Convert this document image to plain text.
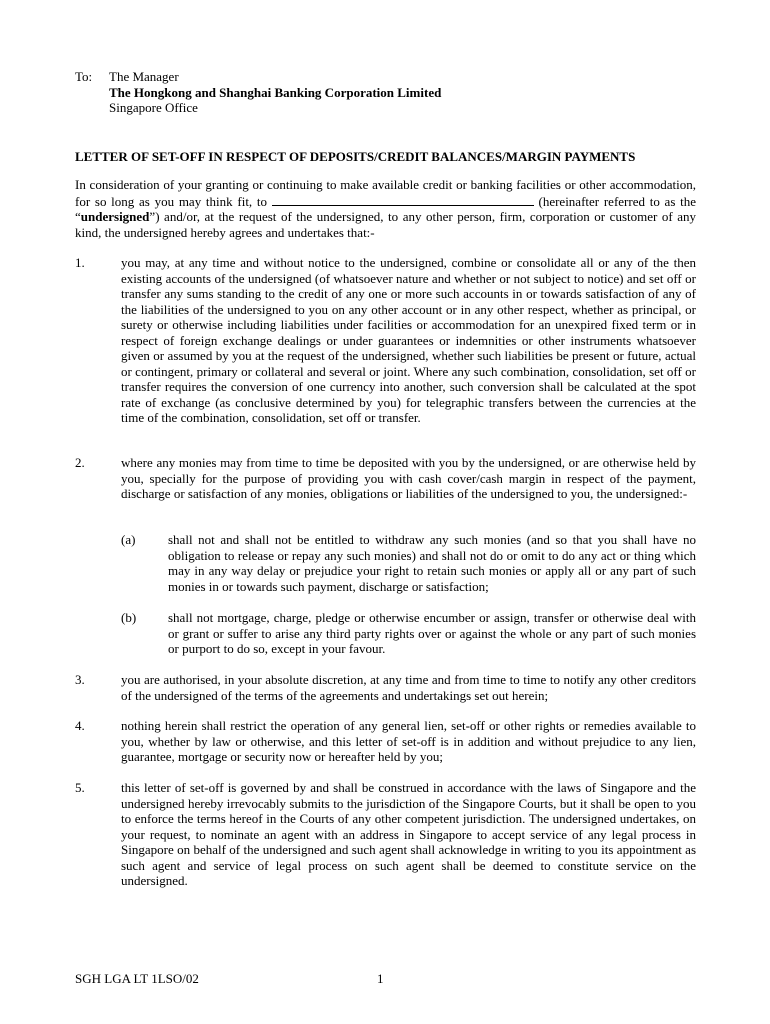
To: The Manager
The Hongkong and Shanghai Banking Corporation Limited
Singapore Office
LETTER OF SET-OFF IN RESPECT OF DEPOSITS/CREDIT BALANCES/MARGIN PAYMENTS
In consideration of your granting or continuing to make available credit or banking facilities or other accommodation, for so long as you may think fit, to	(hereinafter referred to as the “undersigned”) and/or, at the request of the undersigned, to any other person, firm, corporation or customer of any kind, the undersigned hereby agrees and undertakes that:-
1.	you may, at any time and without notice to the undersigned, combine or consolidate all or any of the then existing accounts of the undersigned (of whatsoever nature and whether or not subject to notice) and set off or transfer any sums standing to the credit of any one or more such accounts in or towards satisfaction of any of the liabilities of the undersigned to you on any other account or in any other respect, whether as principal, or surety or otherwise including liabilities under facilities or accommodation for an unexpired fixed term or in respect of foreign exchange dealings or under guarantees or indemnities or other instruments whatsoever given or assumed by you at the request of the undersigned, whether such liabilities be present or future, actual or contingent, primary or collateral and several or joint. Where any such combination, consolidation, set off or transfer requires the conversion of one currency into another, such conversion shall be calculated at the spot rate of exchange (as conclusive determined by you) for telegraphic transfers between the currencies at the time of the combination, consolidation, set off or transfer.
2.	where any monies may from time to time be deposited with you by the undersigned, or are otherwise held by you, specially for the purpose of providing you with cash cover/cash margin in respect of the payment, discharge or satisfaction of any monies, obligations or liabilities of the undersigned to you, the undersigned:-
(a)	shall not and shall not be entitled to withdraw any such monies (and so that you shall have no obligation to release or repay any such monies) and shall not do or omit to do any act or thing which may in any way delay or prejudice your right to retain such monies or apply all or any part of such monies in or towards such payment, discharge or satisfaction;
(b) shall not mortgage, charge, pledge or otherwise encumber or assign, transfer or otherwise deal with or grant or suffer to arise any third party rights over or against the whole or any part of such monies or purport to do so, except in your favour.
3.	you are authorised, in your absolute discretion, at any time and from time to time to notify any other creditors of the undersigned of the terms of the agreements and undertakings set out herein;
4.	nothing herein shall restrict the operation of any general lien, set-off or other rights or remedies available to you, whether by law or otherwise, and this letter of set-off is in addition and without prejudice to any lien, guarantee, mortgage or security now or hereafter held by you;
5.	this letter of set-off is governed by and shall be construed in accordance with the laws of Singapore and the undersigned hereby irrevocably submits to the jurisdiction of the Singapore Courts, but it shall be open to you to enforce the terms hereof in the Courts of any other competent jurisdiction. The undersigned undertakes, on your request, to nominate an agent with an address in Singapore to accept service of any legal process in Singapore on behalf of the undersigned and such agent shall acknowledge in writing to you its appointment as such agent and service of legal process on such agent shall be deemed to constitute service on the undersigned.
SGH LGA LT 1LSO/02	1
